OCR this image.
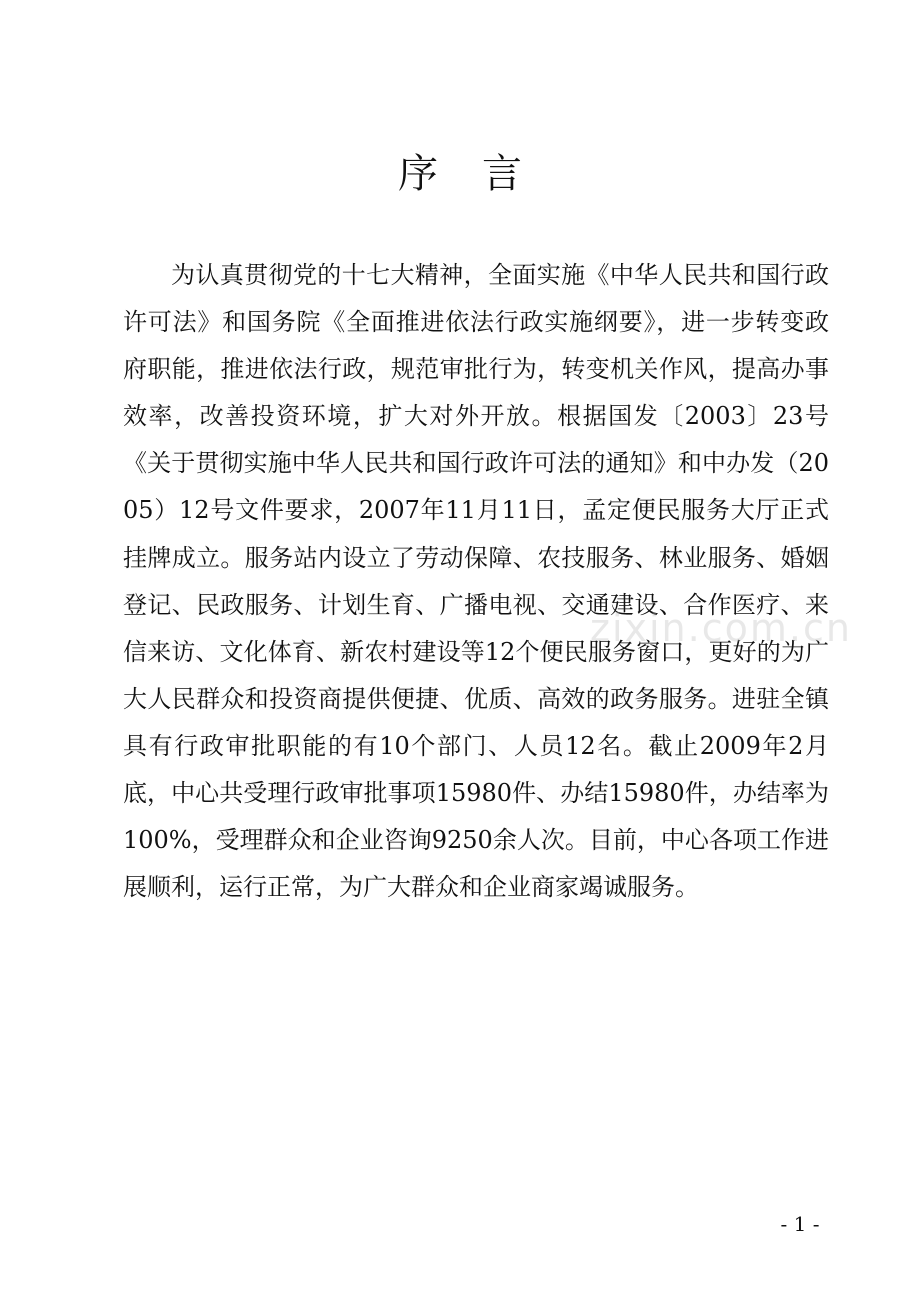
序言

为认真贯彻党的十七大精神，全面实施《中华人民共和国行政许可法》和国务院《全面推进依法行政实施纲要》，进一步转变政府职能，推进依法行政，规范审批行为，转变机关作风，提高办事效率，改善投资环境，扩大对外开放。根据国发〔2003〕23号《关于贯彻实施中华人民共和国行政许可法的通知》和中办发（2005）12号文件要求，2007年11月11日，孟定便民服务大厅正式挂牌成立。服务站内设立了劳动保障、农技服务、林业服务、婚姻登记、民政服务、计划生育、广播电视、交通建设、合作医疗、来信来访、文化体育、新农村建设等12个便民服务窗口，更好的为广大人民群众和投资商提供便捷、优质、高效的政务服务。进驻全镇具有行政审批职能的有10个部门、人员12名。截止2009年2月底，中心共受理行政审批事项15980件、办结15980件，办结率为100%，受理群众和企业咨询9250余人次。目前，中心各项工作进展顺利，运行正常，为广大群众和企业商家竭诚服务。

zixin.com.cn
- 1 -
